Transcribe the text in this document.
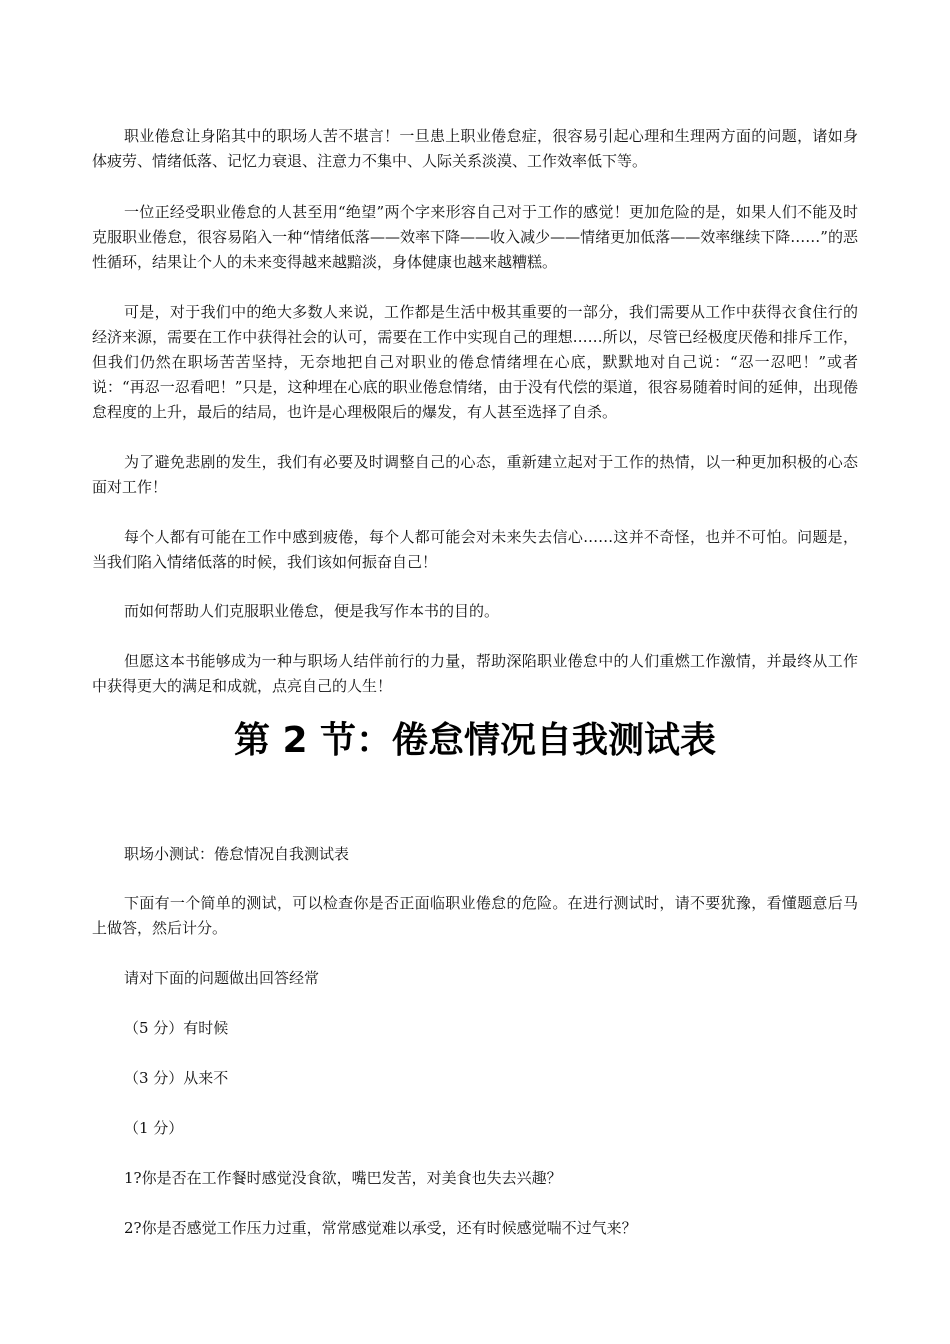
职业倦怠让身陷其中的职场人苦不堪言！一旦患上职业倦怠症，很容易引起心理和生理两方面的问题，诸如身体疲劳、情绪低落、记忆力衰退、注意力不集中、人际关系淡漠、工作效率低下等。

一位正经受职业倦怠的人甚至用“绝望”两个字来形容自己对于工作的感觉！更加危险的是，如果人们不能及时克服职业倦怠，很容易陷入一种“情绪低落——效率下降——收入减少——情绪更加低落——效率继续下降……”的恶性循环，结果让个人的未来变得越来越黯淡，身体健康也越来越糟糕。

可是，对于我们中的绝大多数人来说，工作都是生活中极其重要的一部分，我们需要从工作中获得衣食住行的经济来源，需要在工作中获得社会的认可，需要在工作中实现自己的理想……所以，尽管已经极度厌倦和排斥工作，但我们仍然在职场苦苦坚持，无奈地把自己对职业的倦怠情绪埋在心底，默默地对自己说：“忍一忍吧！”或者说：“再忍一忍看吧！”只是，这种埋在心底的职业倦怠情绪，由于没有代偿的渠道，很容易随着时间的延伸，出现倦怠程度的上升，最后的结局，也许是心理极限后的爆发，有人甚至选择了自杀。

为了避免悲剧的发生，我们有必要及时调整自己的心态，重新建立起对于工作的热情，以一种更加积极的心态面对工作！

每个人都有可能在工作中感到疲倦，每个人都可能会对未来失去信心……这并不奇怪，也并不可怕。问题是，当我们陷入情绪低落的时候，我们该如何振奋自己！

而如何帮助人们克服职业倦怠，便是我写作本书的目的。

但愿这本书能够成为一种与职场人结伴前行的力量，帮助深陷职业倦怠中的人们重燃工作激情，并最终从工作中获得更大的满足和成就，点亮自己的人生！

第 2 节：倦怠情况自我测试表

职场小测试：倦怠情况自我测试表

下面有一个简单的测试，可以检查你是否正面临职业倦怠的危险。在进行测试时，请不要犹豫，看懂题意后马上做答，然后计分。

请对下面的问题做出回答经常

（5 分）有时候

（3 分）从来不

（1 分）

1?你是否在工作餐时感觉没食欲，嘴巴发苦，对美食也失去兴趣？

2?你是否感觉工作压力过重，常常感觉难以承受，还有时候感觉喘不过气来？
